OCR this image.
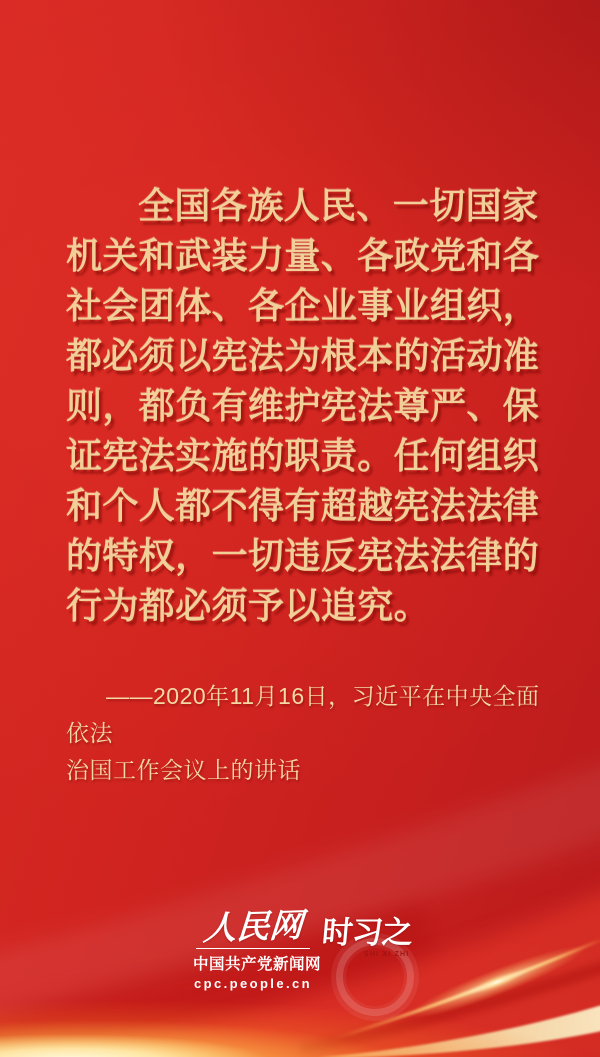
全国各族人民、一切国家
机关和武装力量、各政党和各
社会团体、各企业事业组织，
都必须以宪法为根本的活动准
则，都负有维护宪法尊严、保
证宪法实施的职责。任何组织
和个人都不得有超越宪法法律
的特权，一切违反宪法法律的
行为都必须予以追究。
——2020年11月16日，习近平在中央全面依法
治国工作会议上的讲话
人民网
中国共产党新闻网
cpc.people.cn
时习之
SHI XI ZHI
